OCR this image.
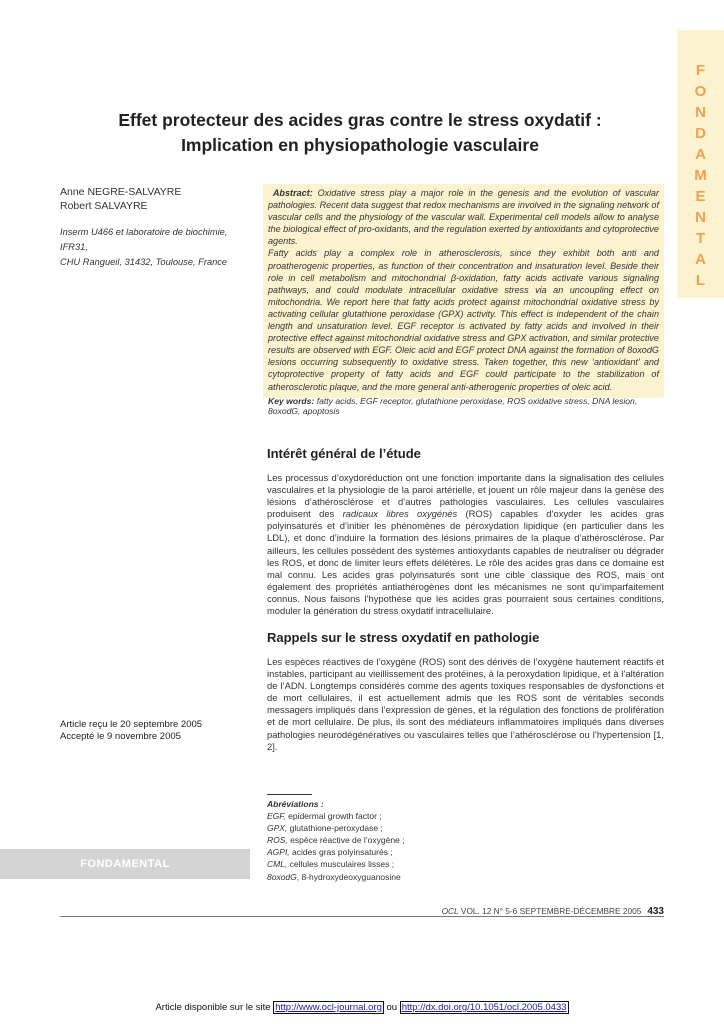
F
O
N
D
A
M
E
N
T
A
L
Effet protecteur des acides gras contre le stress oxydatif :
Implication en physiopathologie vasculaire
Anne NEGRE-SALVAYRE
Robert SALVAYRE
Inserm U466 et laboratoire de biochimie, IFR31,
CHU Rangueil, 31432, Toulouse, France

Abstract: Oxidative stress play a major role in the genesis and the evolution of vascular pathologies. Recent data suggest that redox mechanisms are involved in the signaling network of vascular cells and the physiology of the vascular wall. Experimental cell models allow to analyse the biological effect of pro-oxidants, and the regulation exerted by antioxidants and cytoprotective agents.

Fatty acids play a complex role in atherosclerosis, since they exhibit both anti and proatherogenic properties, as function of their concentration and insaturation level. Beside their role in cell metabolism and mitochondrial β-oxidation, fatty acids activate various signaling pathways, and could modulate intracellular oxidative stress via an uncoupling effect on mitochondria. We report here that fatty acids protect against mitochondrial oxidative stress by activating cellular glutathione peroxidase (GPX) activity. This effect is independent of the chain length and unsaturation level. EGF receptor is activated by fatty acids and involved in their protective effect against mitochondrial oxidative stress and GPX activation, and similar protective results are observed with EGF. Oleic acid and EGF protect DNA against the formation of 8oxodG lesions occurring subsequently to oxidative stress. Taken together, this new ‘antioxidant’ and cytoprotective property of fatty acids and EGF could participate to the stabilization of atherosclerotic plaque, and the more general anti-atherogenic properties of oleic acid.

Key words: fatty acids, EGF receptor, glutathione peroxidase, ROS oxidative stress, DNA lesion, 8oxodG, apoptosis
Intérêt général de l’étude

Les processus d’oxydoréduction ont une fonction importante dans la signalisation des cellules vasculaires et la physiologie de la paroi artérielle, et jouent un rôle majeur dans la genèse des lésions d’athérosclérose et d’autres pathologies vasculaires. Les cellules vasculaires produisent des radicaux libres oxygénés (ROS) capables d’oxyder les acides gras polyinsaturés et d’initier les phénomènes de péroxydation lipidique (en particulier dans les LDL), et donc d’induire la formation des lésions primaires de la plaque d’athérosclérose. Par ailleurs, les cellules possèdent des systèmes antioxydants capables de neutraliser ou dégrader les ROS, et donc de limiter leurs effets délétères. Le rôle des acides gras dans ce domaine est mal connu. Les acides gras polyinsaturés sont une cible classique des ROS, mais ont également des propriétés antiathérogènes dont les mécanismes ne sont qu’imparfaitement connus. Nous faisons l’hypothèse que les acides gras pourraient sous certaines conditions, moduler la génération du stress oxydatif intracellulaire.

Rappels sur le stress oxydatif en pathologie

Les espèces réactives de l’oxygène (ROS) sont des dérivés de l’oxygène hautement réactifs et instables, participant au vieillissement des protéines, à la peroxydation lipidique, et à l’altération de l’ADN. Longtemps considérés comme des agents toxiques responsables de dysfonctions et de mort cellulaires, il est actuellement admis que les ROS sont de véritables seconds messagers impliqués dans l’expression de gènes, et la régulation des fonctions de prolifération et de mort cellulaire. De plus, ils sont des médiateurs inflammatoires impliqués dans diverses pathologies neurodégénératives ou vasculaires telles que l’athérosclérose ou l’hypertension [1, 2].

Article reçu le 20 septembre 2005
Accepté le 9 novembre 2005
Abréviations :
EGF, epidermal growth factor ;
GPX, glutathione-peroxydase ;
ROS, espèce réactive de l’oxygène ;
AGPI, acides gras polyinsaturés ;
CML, cellules musculaires lisses ;
8oxodG, 8-hydroxydeoxyguanosine
FONDAMENTAL
OCL VOL. 12 N° 5-6 SEPTEMBRE-DÉCEMBRE 2005 433
Article disponible sur le site http://www.ocl-journal.org ou http://dx.doi.org/10.1051/ocl.2005.0433
